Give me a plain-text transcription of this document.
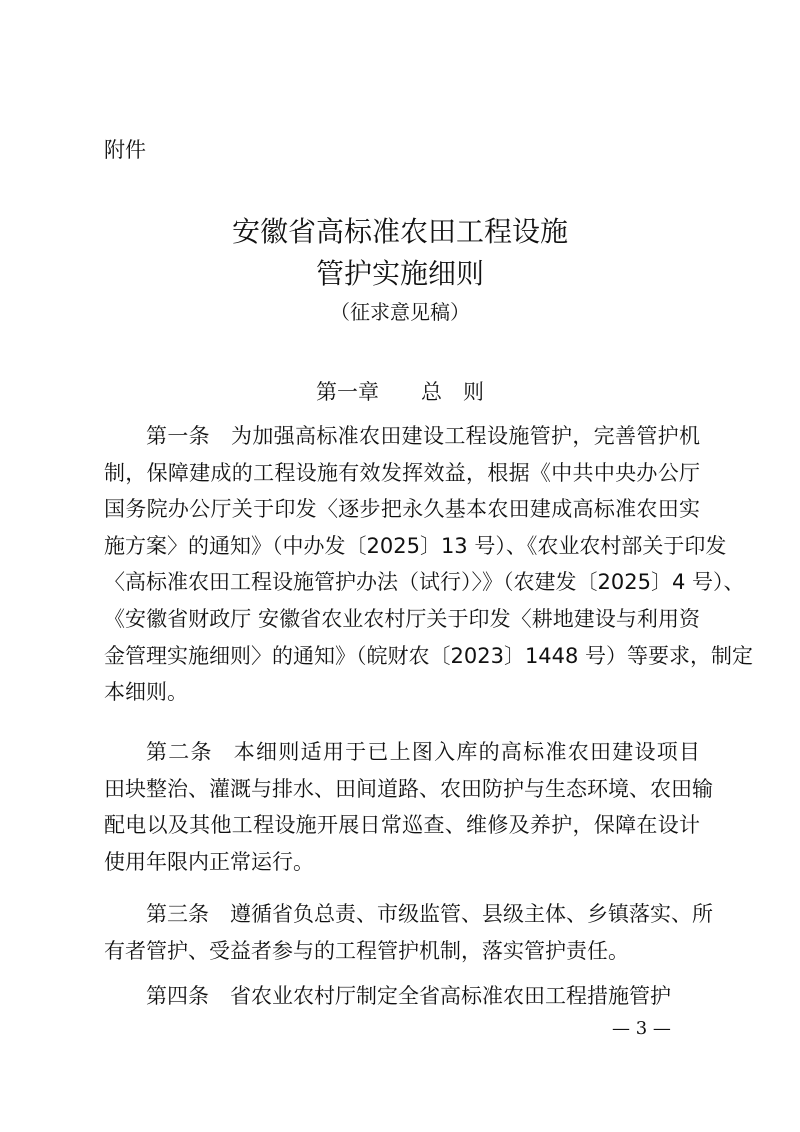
附件
安徽省高标准农田工程设施
管护实施细则
（征求意见稿）
第一章 总　则
第一条 为加强高标准农田建设工程设施管护，完善管护机
制，保障建成的工程设施有效发挥效益，根据《中共中央办公厅
国务院办公厅关于印发〈逐步把永久基本农田建成高标准农田实
施方案〉的通知》（中办发〔2025〕13 号）、《农业农村部关于印发
〈高标准农田工程设施管护办法（试行）〉》（农建发〔2025〕4 号）、
《安徽省财政厅 安徽省农业农村厅关于印发〈耕地建设与利用资
金管理实施细则〉的通知》（皖财农〔2023〕1448 号）等要求，制定
本细则。
第二条 本细则适用于已上图入库的高标准农田建设项目
田块整治、灌溉与排水、田间道路、农田防护与生态环境、农田输
配电以及其他工程设施开展日常巡查、维修及养护，保障在设计
使用年限内正常运行。
第三条 遵循省负总责、市级监管、县级主体、乡镇落实、所
有者管护、受益者参与的工程管护机制，落实管护责任。
第四条 省农业农村厅制定全省高标准农田工程措施管护
— 3 —
